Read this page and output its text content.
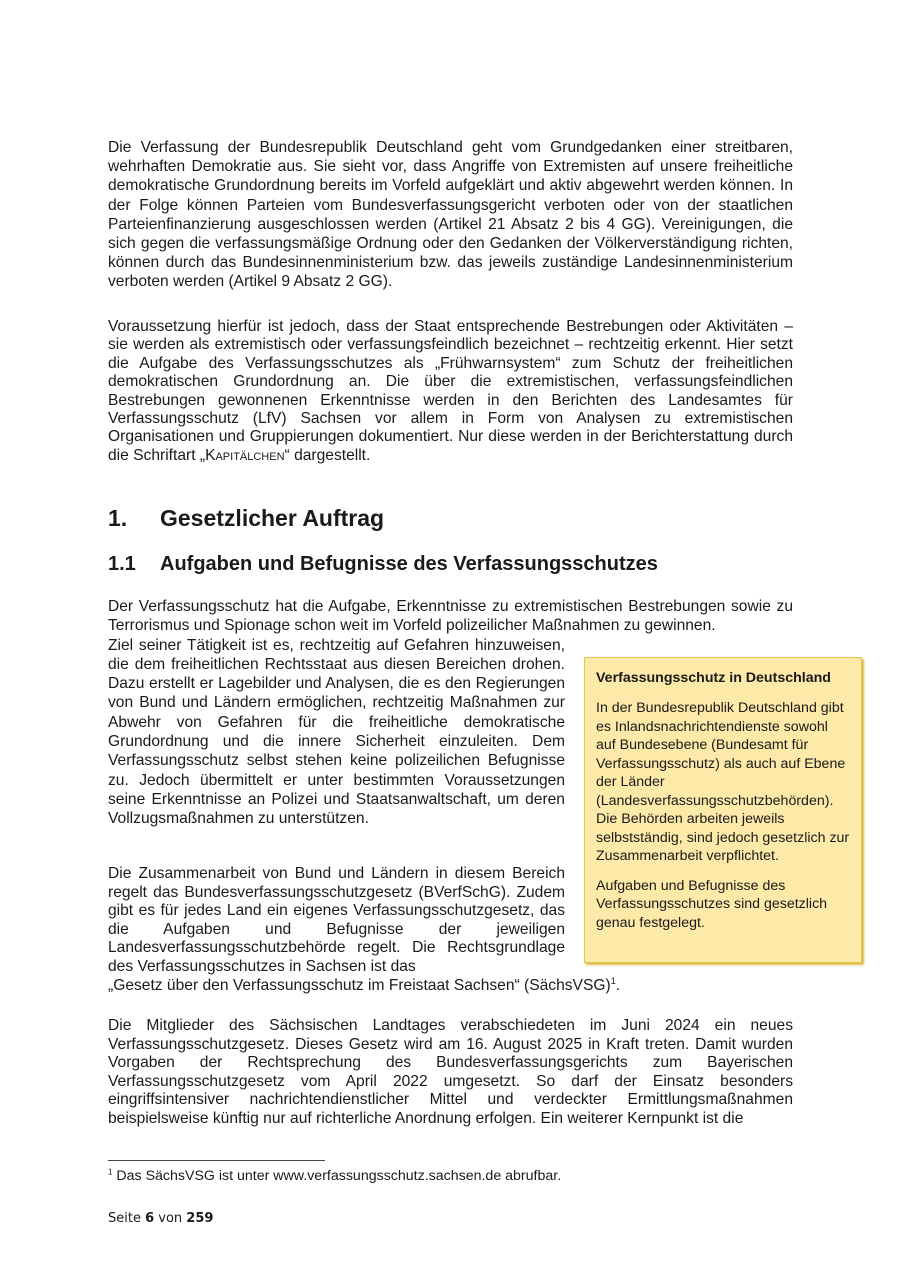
Die Verfassung der Bundesrepublik Deutschland geht vom Grundgedanken einer streitbaren, wehrhaften Demokratie aus. Sie sieht vor, dass Angriffe von Extremisten auf unsere freiheitliche demokratische Grundordnung bereits im Vorfeld aufgeklärt und aktiv abgewehrt werden können. In der Folge können Parteien vom Bundesverfassungsgericht verboten oder von der staatlichen Parteienfinanzierung ausgeschlossen werden (Artikel 21 Absatz 2 bis 4 GG). Vereinigungen, die sich gegen die verfassungsmäßige Ordnung oder den Gedanken der Völkerverständigung richten, können durch das Bundesinnenministerium bzw. das jeweils zuständige Landesinnenministerium verboten werden (Artikel 9 Absatz 2 GG).

Voraussetzung hierfür ist jedoch, dass der Staat entsprechende Bestrebungen oder Aktivitäten – sie werden als extremistisch oder verfassungsfeindlich bezeichnet – rechtzeitig erkennt. Hier setzt die Aufgabe des Verfassungsschutzes als „Frühwarnsystem“ zum Schutz der freiheitlichen demokratischen Grundordnung an. Die über die extremistischen, verfassungsfeindlichen Bestrebungen gewonnenen Erkenntnisse werden in den Berichten des Landesamtes für Verfassungsschutz (LfV) Sachsen vor allem in Form von Analysen zu extremistischen Organisationen und Gruppierungen dokumentiert. Nur diese werden in der Berichterstattung durch die Schriftart „Kapitälchen“ dargestellt.

1. Gesetzlicher Auftrag
1.1 Aufgaben und Befugnisse des Verfassungsschutzes
Der Verfassungsschutz hat die Aufgabe, Erkenntnisse zu extremistischen Bestrebungen sowie zu Terrorismus und Spionage schon weit im Vorfeld polizeilicher Maßnahmen zu gewinnen.
Ziel seiner Tätigkeit ist es, rechtzeitig auf Gefahren hinzuweisen, die dem freiheitlichen Rechtsstaat aus diesen Bereichen drohen. Dazu erstellt er Lagebilder und Analysen, die es den Regierungen von Bund und Ländern ermöglichen, rechtzeitig Maßnahmen zur Abwehr von Gefahren für die freiheitliche demokratische Grundordnung und die innere Sicherheit einzuleiten. Dem Verfassungsschutz selbst stehen keine polizeilichen Befugnisse zu. Jedoch übermittelt er unter bestimmten Voraussetzungen seine Erkenntnisse an Polizei und Staatsanwaltschaft, um deren Vollzugsmaßnahmen zu unterstützen.
Die Zusammenarbeit von Bund und Ländern in diesem Bereich regelt das Bundesverfassungsschutzgesetz (BVerfSchG). Zudem gibt es für jedes Land ein eigenes Verfassungsschutzgesetz, das die Aufgaben und Befugnisse der jeweiligen Landesverfassungsschutzbehörde regelt. Die Rechtsgrundlage des Verfassungsschutzes in Sachsen ist das
„Gesetz über den Verfassungsschutz im Freistaat Sachsen“ (SächsVSG)$^1$.

Die Mitglieder des Sächsischen Landtages verabschiedeten im Juni 2024 ein neues Verfassungsschutzgesetz. Dieses Gesetz wird am 16. August 2025 in Kraft treten. Damit wurden Vorgaben der Rechtsprechung des Bundesverfassungsgerichts zum Bayerischen Verfassungsschutzgesetz vom April 2022 umgesetzt. So darf der Einsatz besonders eingriffsintensiver nachrichtendienstlicher Mittel und verdeckter Ermittlungsmaßnahmen beispielsweise künftig nur auf richterliche Anordnung erfolgen. Ein weiterer Kernpunkt ist die

Verfassungsschutz in Deutschland

In der Bundesrepublik Deutschland gibt es Inlandsnachrichtendienste sowohl auf Bundesebene (Bundesamt für Verfassungsschutz) als auch auf Ebene der Länder (Landesverfassungsschutzbehörden). Die Behörden arbeiten jeweils selbstständig, sind jedoch gesetzlich zur Zusammenarbeit verpflichtet.

Aufgaben und Befugnisse des Verfassungsschutzes sind gesetzlich genau festgelegt.

$^1$ Das SächsVSG ist unter www.verfassungsschutz.sachsen.de abrufbar.

Seite 6 von 259
